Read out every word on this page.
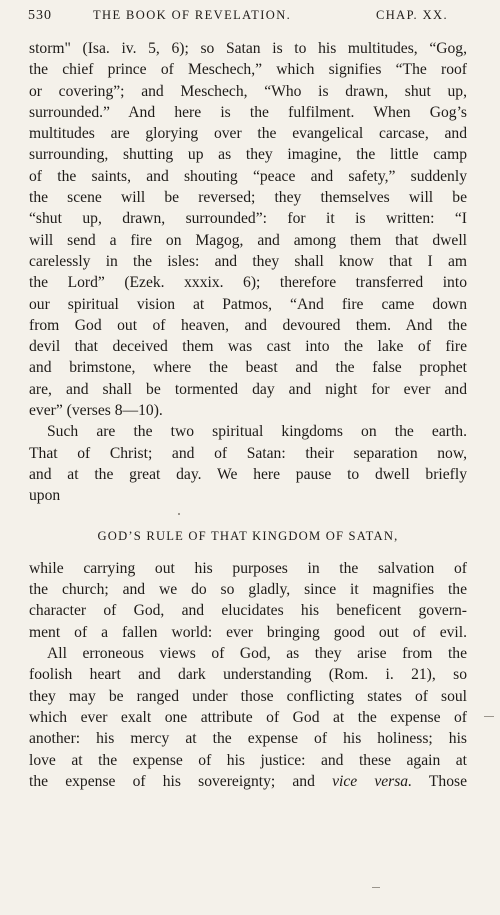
530	THE BOOK OF REVELATION.	CHAP. XX.
storm" (Isa. iv. 5, 6); so Satan is to his multitudes, “Gog,
the chief prince of Meschech,” which signifies “The roof
or covering”; and Meschech, “Who is drawn, shut up,
surrounded.” And here is the fulfilment. When Gog’s
multitudes are glorying over the evangelical carcase, and
surrounding, shutting up as they imagine, the little camp
of the saints, and shouting “peace and safety,” suddenly
the scene will be reversed; they themselves will be
“shut up, drawn, surrounded”: for it is written: “I
will send a fire on Magog, and among them that dwell
carelessly in the isles: and they shall know that I am
the Lord” (Ezek. xxxix. 6); therefore transferred into
our spiritual vision at Patmos, “And fire came down
from God out of heaven, and devoured them. And the
devil that deceived them was cast into the lake of fire
and brimstone, where the beast and the false prophet
are, and shall be tormented day and night for ever and
ever” (verses 8—10).
Such are the two spiritual kingdoms on the earth.
That of Christ; and of Satan: their separation now,
and at the great day. We here pause to dwell briefly
upon
GOD’S RULE OF THAT KINGDOM OF SATAN,
while carrying out his purposes in the salvation of
the church; and we do so gladly, since it magnifies the
character of God, and elucidates his beneficent govern-
ment of a fallen world: ever bringing good out of evil.
All erroneous views of God, as they arise from the
foolish heart and dark understanding (Rom. i. 21), so
they may be ranged under those conflicting states of soul
which ever exalt one attribute of God at the expense of
another: his mercy at the expense of his holiness; his
love at the expense of his justice: and these again at
the expense of his sovereignty; and vice versa. Those
